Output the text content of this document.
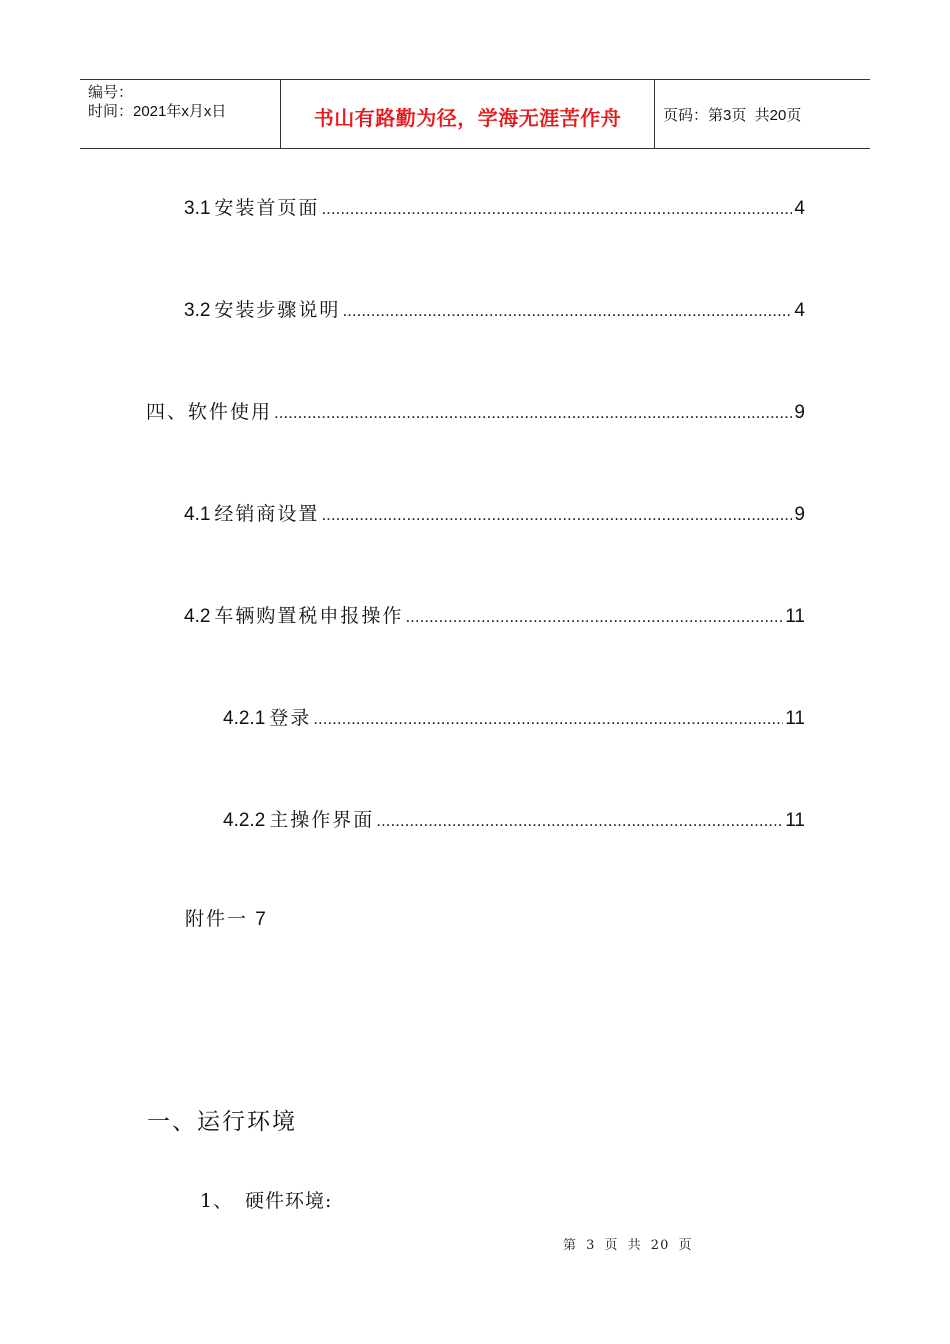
编号：
时间：2021年x月x日	书山有路勤为径，学海无涯苦作舟	页码：第3页  共20页
3.1 安装首页面 .....	4
3.2 安装步骤说明 .....	4
四、软件使用 .....	9
4.1 经销商设置 .....	9
4.2 车辆购置税申报操作 .....	11
4.2.1 登录 .....	11
4.2.2 主操作界面 .....	11
附件一 7
一、运行环境
1、 硬件环境:
第 3 页 共 20 页
